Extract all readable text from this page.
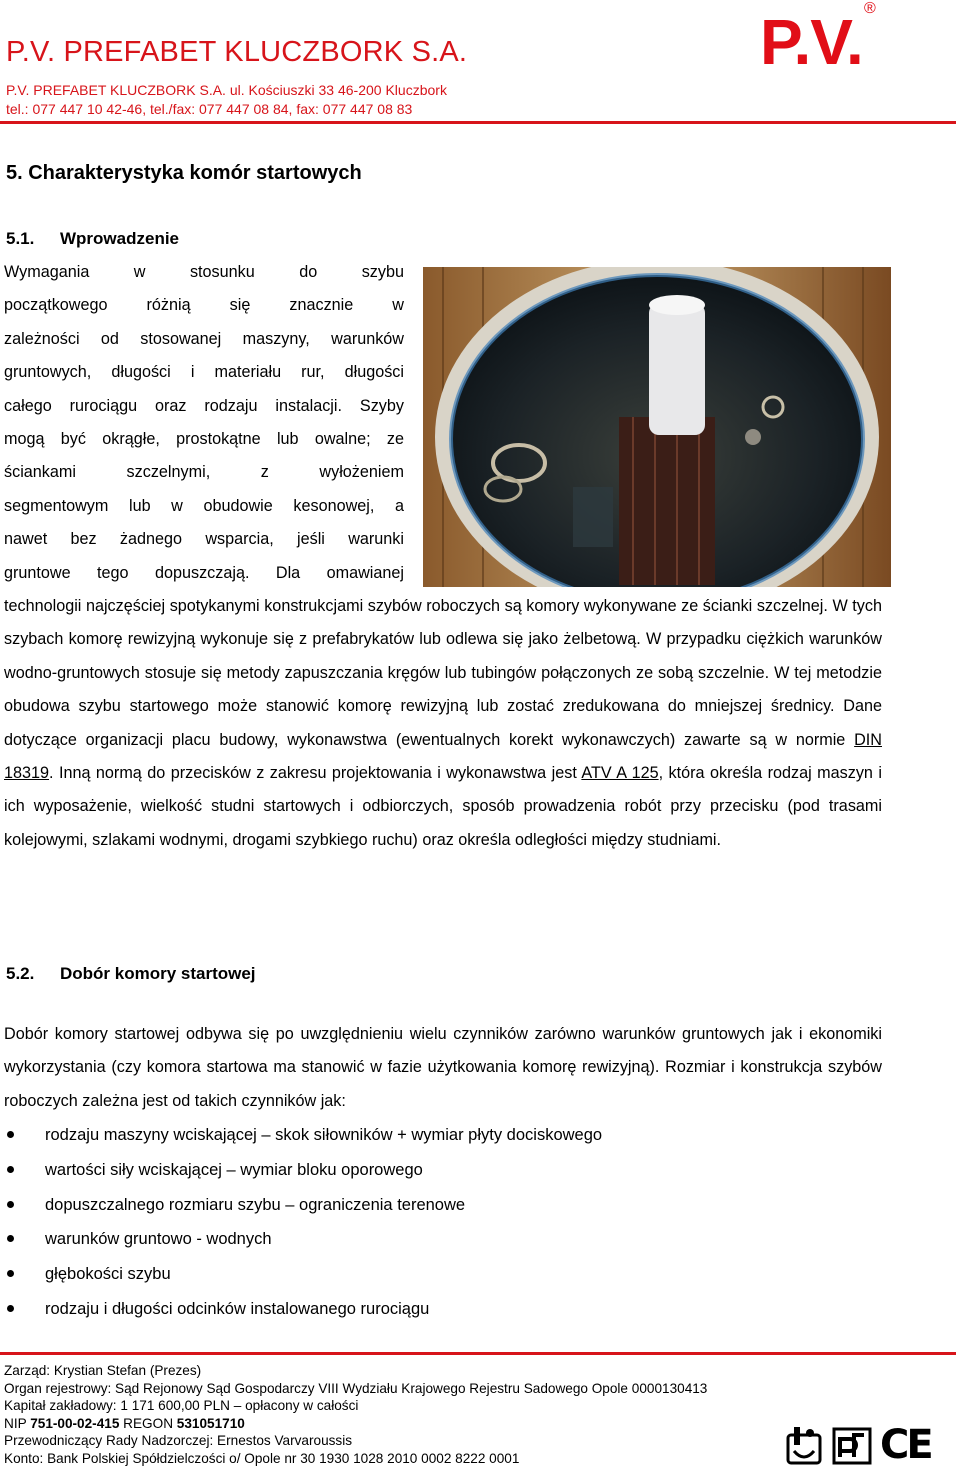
P.V. PREFABET KLUCZBORK S.A.
P.V. PREFABET KLUCZBORK S.A. ul. Kościuszki 33 46-200 Kluczbork
tel.: 077 447 10 42-46, tel./fax: 077 447 08 84, fax: 077 447 08 83
P.V. ®
5. Charakterystyka komór startowych
5.1. Wprowadzenie

Wymagania w stosunku do szybu

początkowego różnią się znacznie w

zależności od stosowanej maszyny, warunków

gruntowych, długości i materiału rur, długości

całego rurociągu oraz rodzaju instalacji. Szyby

mogą być okrągłe, prostokątne lub owalne; ze

ściankami szczelnymi, z wyłożeniem

segmentowym lub w obudowie kesonowej, a

nawet bez żadnego wsparcia, jeśli warunki

gruntowe tego dopuszczają. Dla omawianej

technologii najczęściej spotykanymi konstrukcjami szybów roboczych są komory wykonywane ze ścianki szczelnej. W tych szybach komorę rewizyjną wykonuje się z prefabrykatów lub odlewa się jako żelbetową. W przypadku ciężkich warunków wodno-gruntowych stosuje się metody zapuszczania kręgów lub tubingów połączonych ze sobą szczelnie. W tej metodzie obudowa szybu startowego może stanowić komorę rewizyjną lub zostać zredukowana do mniejszej średnicy. Dane dotyczące organizacji placu budowy, wykonawstwa (ewentualnych korekt wykonawczych) zawarte są w normie DIN 18319. Inną normą do przecisków z zakresu projektowania i wykonawstwa jest ATV A 125, która określa rodzaj maszyn i ich wyposażenie, wielkość studni startowych i odbiorczych, sposób prowadzenia robót przy przecisku (pod trasami kolejowymi, szlakami wodnymi, drogami szybkiego ruchu) oraz określa odległości między studniami.

5.2. Dobór komory startowej

Dobór komory startowej odbywa się po uwzględnieniu wielu czynników zarówno warunków gruntowych jak i ekonomiki wykorzystania (czy komora startowa ma stanowić w fazie użytkowania komorę rewizyjną). Rozmiar i konstrukcja szybów roboczych zależna jest od takich czynników jak:

rodzaju maszyny wciskającej – skok siłowników + wymiar płyty dociskowego
wartości siły wciskającej – wymiar bloku oporowego
dopuszczalnego rozmiaru szybu – ograniczenia terenowe
warunków gruntowo - wodnych
głębokości szybu
rodzaju i długości odcinków instalowanego rurociągu
Zarząd: Krystian Stefan (Prezes)
Organ rejestrowy: Sąd Rejonowy Sąd Gospodarczy VIII Wydziału Krajowego Rejestru Sadowego Opole 0000130413
Kapitał zakładowy: 1 171 600,00 PLN – opłacony w całości
NIP 751-00-02-415 REGON 531051710
Przewodniczący Rady Nadzorczej: Ernestos Varvaroussis
Konto: Bank Polskiej Spółdzielczości o/ Opole nr 30 1930 1028 2010 0002 8222 0001	CE
